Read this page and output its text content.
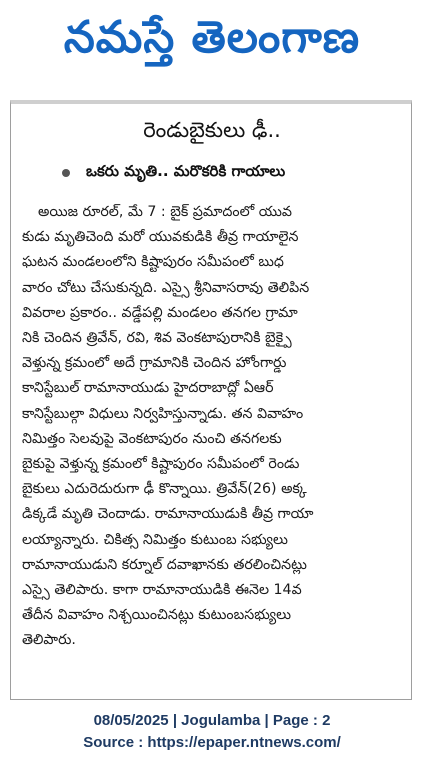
నమస్తే తెలంగాణ
రెండుబైకులు ఢీ..
ఒకరు మృతి.. మరొకరికి గాయాలు
అయిజ రూరల్, మే 7 : బైక్ ప్రమాదంలో యువ
కుడు మృతిచెంది మరో యువకుడికి తీవ్ర గాయాలైన
ఘటన మండలంలోని కిష్టాపురం సమీపంలో బుధ
వారం చోటు చేసుకున్నది. ఎస్సై శ్రీనివాసరావు తెలిపిన
వివరాల ప్రకారం.. వడ్డేపల్లి మండలం తనగల గ్రామా
నికి చెందిన త్రివేన్, రవి, శివ వెంకటాపురానికి బైక్పై
వెళ్తున్న క్రమంలో అదే గ్రామానికి చెందిన హోంగార్డు
కానిస్టేబుల్ రామానాయుడు హైదరాబాద్లో ఏఆర్
కానిస్టేబుల్గా విధులు నిర్వహిస్తున్నాడు. తన వివాహం
నిమిత్తం సెలవుపై వెంకటాపురం నుంచి తనగలకు
బైకుపై వెళ్తున్న క్రమంలో కిష్టాపురం సమీపంలో రెండు
బైకులు ఎదురెదురుగా ఢీ కొన్నాయి. త్రివేన్(26) అక్క
డిక్కడే మృతి చెందాడు. రామానాయుడుకి తీవ్ర గాయా
లయ్యాన్నారు. చికిత్స నిమిత్తం కుటుంబ సభ్యులు
రామానాయుడుని కర్నూల్ దవాఖానకు తరలించినట్లు
ఎస్సై తెలిపారు. కాగా రామానాయుడికి ఈనెల 14వ
తేదీన వివాహం నిశ్చయించినట్లు కుటుంబసభ్యులు
తెలిపారు.
08/05/2025 | Jogulamba | Page : 2
Source : https://epaper.ntnews.com/
